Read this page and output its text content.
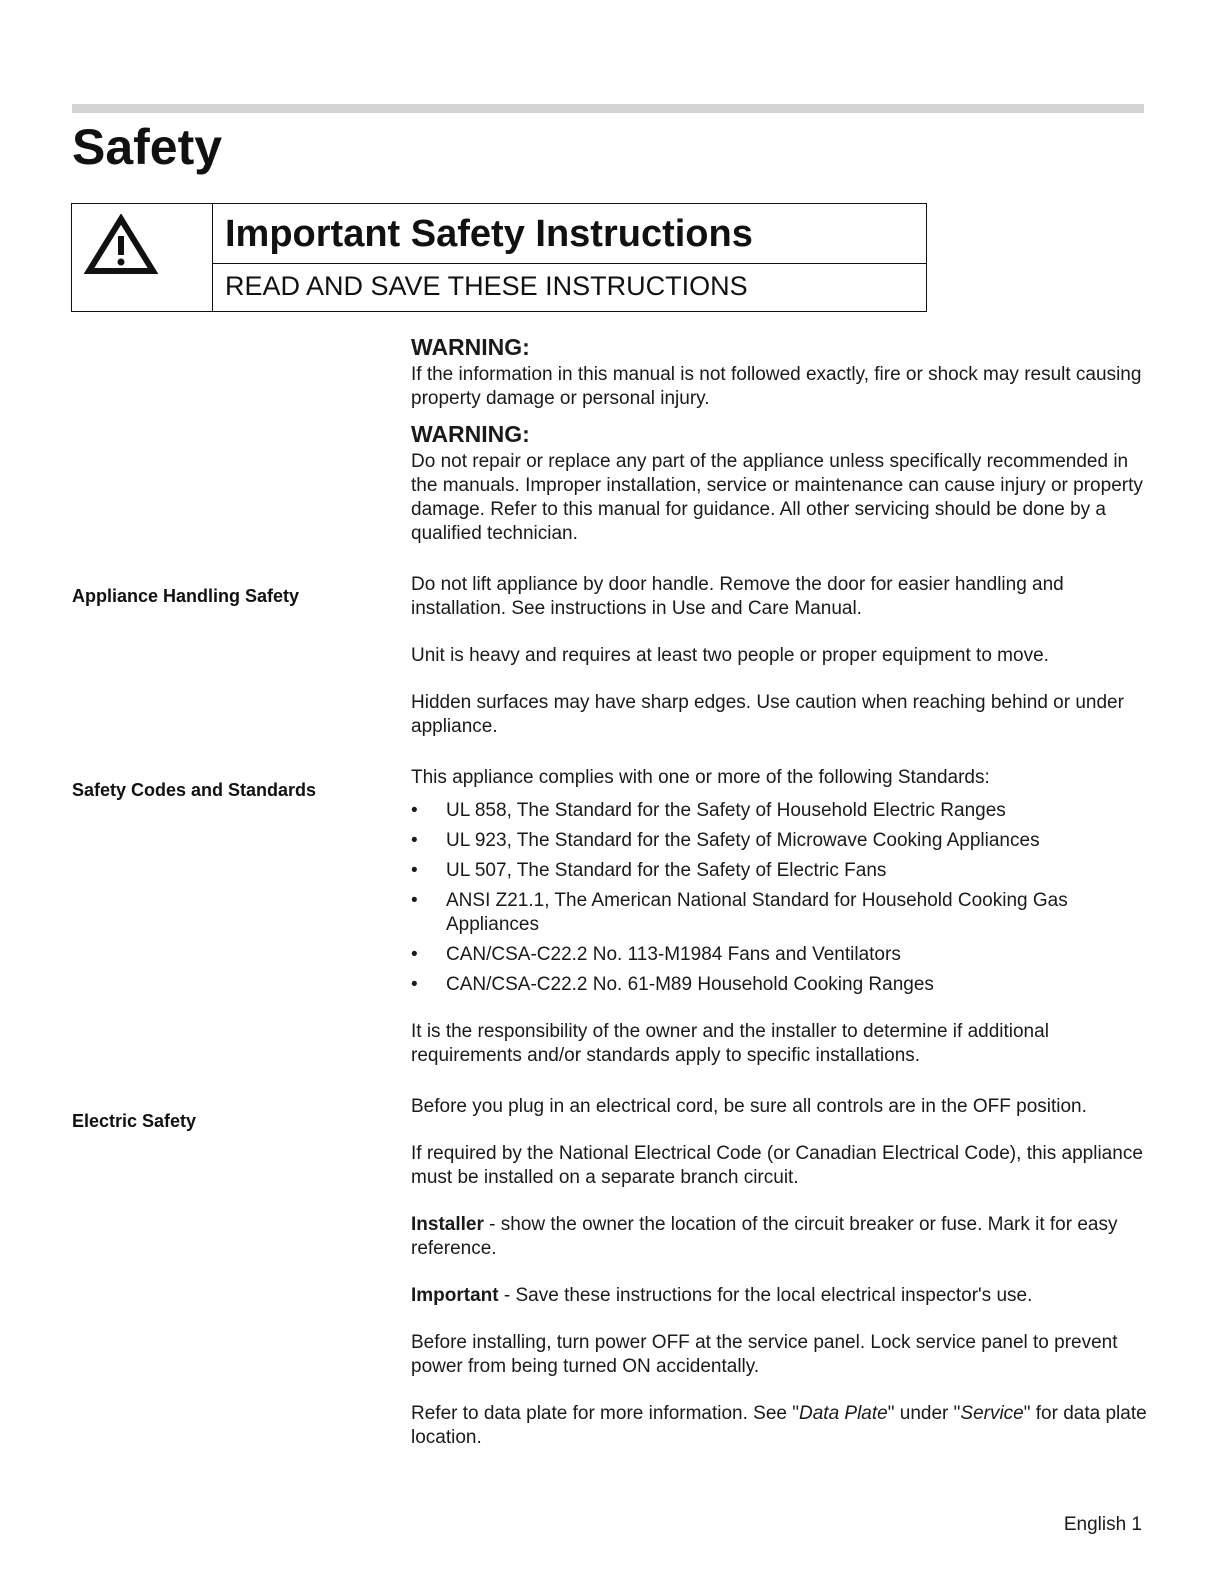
Safety
Important Safety Instructions
READ AND SAVE THESE INSTRUCTIONS
Appliance Handling Safety
Safety Codes and Standards
Electric Safety
WARNING:

If the information in this manual is not followed exactly, fire or shock may result causing property damage or personal injury.

WARNING:

Do not repair or replace any part of the appliance unless specifically recommended in the manuals. Improper installation, service or maintenance can cause injury or property damage. Refer to this manual for guidance. All other servicing should be done by a qualified technician.

Do not lift appliance by door handle. Remove the door for easier handling and installation. See instructions in Use and Care Manual.

Unit is heavy and requires at least two people or proper equipment to move.

Hidden surfaces may have sharp edges. Use caution when reaching behind or under appliance.

This appliance complies with one or more of the following Standards:

• UL 858, The Standard for the Safety of Household Electric Ranges
• UL 923, The Standard for the Safety of Microwave Cooking Appliances
• UL 507, The Standard for the Safety of Electric Fans
• ANSI Z21.1, The American National Standard for Household Cooking Gas Appliances
• CAN/CSA-C22.2 No. 113-M1984 Fans and Ventilators
• CAN/CSA-C22.2 No. 61-M89 Household Cooking Ranges

It is the responsibility of the owner and the installer to determine if additional requirements and/or standards apply to specific installations.

Before you plug in an electrical cord, be sure all controls are in the OFF position.

If required by the National Electrical Code (or Canadian Electrical Code), this appliance must be installed on a separate branch circuit.

Installer - show the owner the location of the circuit breaker or fuse. Mark it for easy reference.

Important - Save these instructions for the local electrical inspector's use.

Before installing, turn power OFF at the service panel. Lock service panel to prevent power from being turned ON accidentally.

Refer to data plate for more information. See "Data Plate" under "Service" for data plate location.

English 1
